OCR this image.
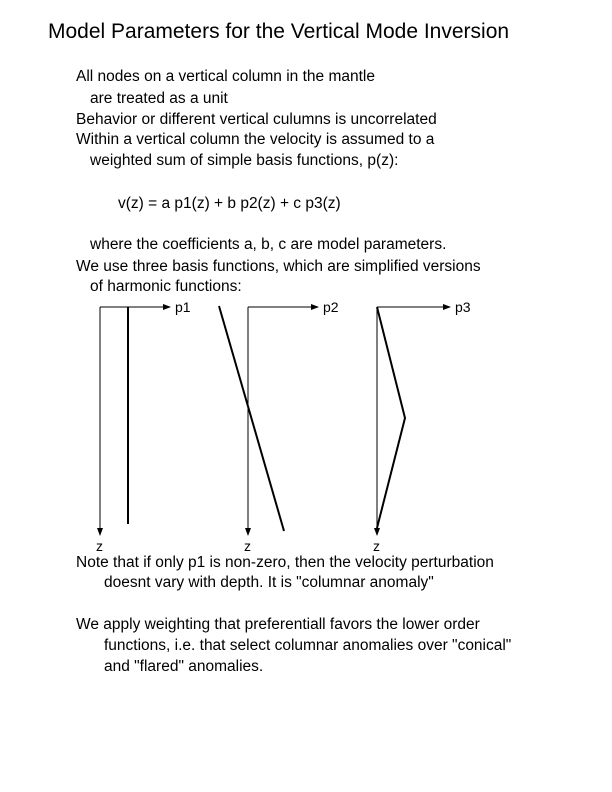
Model Parameters for the Vertical Mode Inversion
All nodes on a vertical column in the mantle
are treated as a unit
Behavior or different vertical culumns is uncorrelated
Within a vertical column the velocity is assumed to a
weighted sum of simple basis functions, p(z):
v(z) = a p1(z) + b p2(z) + c p3(z)
where the coefficients a, b, c are model parameters.
We use three basis functions, which are simplified versions
of harmonic functions:
p1
z
p2
z
p3
z
Note that if only p1 is non-zero, then the velocity perturbation
doesnt vary with depth. It is "columnar anomaly"
We apply weighting that preferentiall favors the lower order
functions, i.e. that select columnar anomalies over "conical"
and "flared" anomalies.
